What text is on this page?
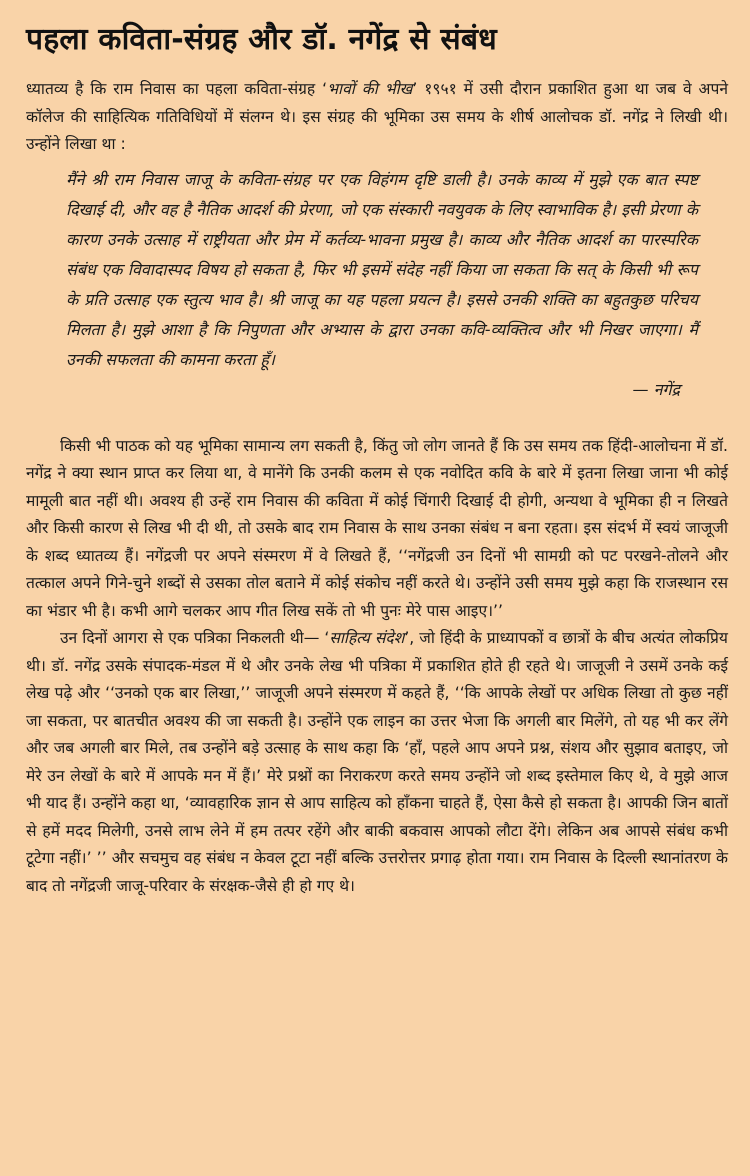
पहला कविता-संग्रह और डॉ. नगेंद्र से संबंध

ध्यातव्य है कि राम निवास का पहला कविता-संग्रह ‘भावों की भीख’ १९५१ में उसी दौरान प्रकाशित हुआ था जब वे अपने कॉलेज की साहित्यिक गतिविधियों में संलग्न थे। इस संग्रह की भूमिका उस समय के शीर्ष आलोचक डॉ. नगेंद्र ने लिखी थी। उन्होंने लिखा था :

मैंने श्री राम निवास जाजू के कविता-संग्रह पर एक विहंगम दृष्टि डाली है। उनके काव्य में मुझे एक बात स्पष्ट दिखाई दी, और वह है नैतिक आदर्श की प्रेरणा, जो एक संस्कारी नवयुवक के लिए स्वाभाविक है। इसी प्रेरणा के कारण उनके उत्साह में राष्ट्रीयता और प्रेम में कर्तव्य-भावना प्रमुख है। काव्य और नैतिक आदर्श का पारस्परिक संबंध एक विवादास्पद विषय हो सकता है, फिर भी इसमें संदेह नहीं किया जा सकता कि सत् के किसी भी रूप के प्रति उत्साह एक स्तुत्य भाव है। श्री जाजू का यह पहला प्रयत्न है। इससे उनकी शक्ति का बहुतकुछ परिचय मिलता है। मुझे आशा है कि निपुणता और अभ्यास के द्वारा उनका कवि-व्यक्तित्व और भी निखर जाएगा। मैं उनकी सफलता की कामना करता हूँ।

— नगेंद्र

किसी भी पाठक को यह भूमिका सामान्य लग सकती है, किंतु जो लोग जानते हैं कि उस समय तक हिंदी-आलोचना में डॉ. नगेंद्र ने क्या स्थान प्राप्त कर लिया था, वे मानेंगे कि उनकी कलम से एक नवोदित कवि के बारे में इतना लिखा जाना भी कोई मामूली बात नहीं थी। अवश्य ही उन्हें राम निवास की कविता में कोई चिंगारी दिखाई दी होगी, अन्यथा वे भूमिका ही न लिखते और किसी कारण से लिख भी दी थी, तो उसके बाद राम निवास के साथ उनका संबंध न बना रहता। इस संदर्भ में स्वयं जाजूजी के शब्द ध्यातव्य हैं। नगेंद्रजी पर अपने संस्मरण में वे लिखते हैं, ‘‘नगेंद्रजी उन दिनों भी सामग्री को पट परखने-तोलने और तत्काल अपने गिने-चुने शब्दों से उसका तोल बताने में कोई संकोच नहीं करते थे। उन्होंने उसी समय मुझे कहा कि राजस्थान रस का भंडार भी है। कभी आगे चलकर आप गीत लिख सकें तो भी पुनः मेरे पास आइए।’’

उन दिनों आगरा से एक पत्रिका निकलती थी— ‘साहित्य संदेश’, जो हिंदी के प्राध्यापकों व छात्रों के बीच अत्यंत लोकप्रिय थी। डॉ. नगेंद्र उसके संपादक-मंडल में थे और उनके लेख भी पत्रिका में प्रकाशित होते ही रहते थे। जाजूजी ने उसमें उनके कई लेख पढ़े और ‘‘उनको एक बार लिखा,’’ जाजूजी अपने संस्मरण में कहते हैं, ‘‘कि आपके लेखों पर अधिक लिखा तो कुछ नहीं जा सकता, पर बातचीत अवश्य की जा सकती है। उन्होंने एक लाइन का उत्तर भेजा कि अगली बार मिलेंगे, तो यह भी कर लेंगे और जब अगली बार मिले, तब उन्होंने बड़े उत्साह के साथ कहा कि ‘हाँ, पहले आप अपने प्रश्न, संशय और सुझाव बताइए, जो मेरे उन लेखों के बारे में आपके मन में हैं।’ मेरे प्रश्नों का निराकरण करते समय उन्होंने जो शब्द इस्तेमाल किए थे, वे मुझे आज भी याद हैं। उन्होंने कहा था, ‘व्यावहारिक ज्ञान से आप साहित्य को हाँकना चाहते हैं, ऐसा कैसे हो सकता है। आपकी जिन बातों से हमें मदद मिलेगी, उनसे लाभ लेने में हम तत्पर रहेंगे और बाकी बकवास आपको लौटा देंगे। लेकिन अब आपसे संबंध कभी टूटेगा नहीं।’ ’’ और सचमुच वह संबंध न केवल टूटा नहीं बल्कि उत्तरोत्तर प्रगाढ़ होता गया। राम निवास के दिल्ली स्थानांतरण के बाद तो नगेंद्रजी जाजू-परिवार के संरक्षक-जैसे ही हो गए थे।
